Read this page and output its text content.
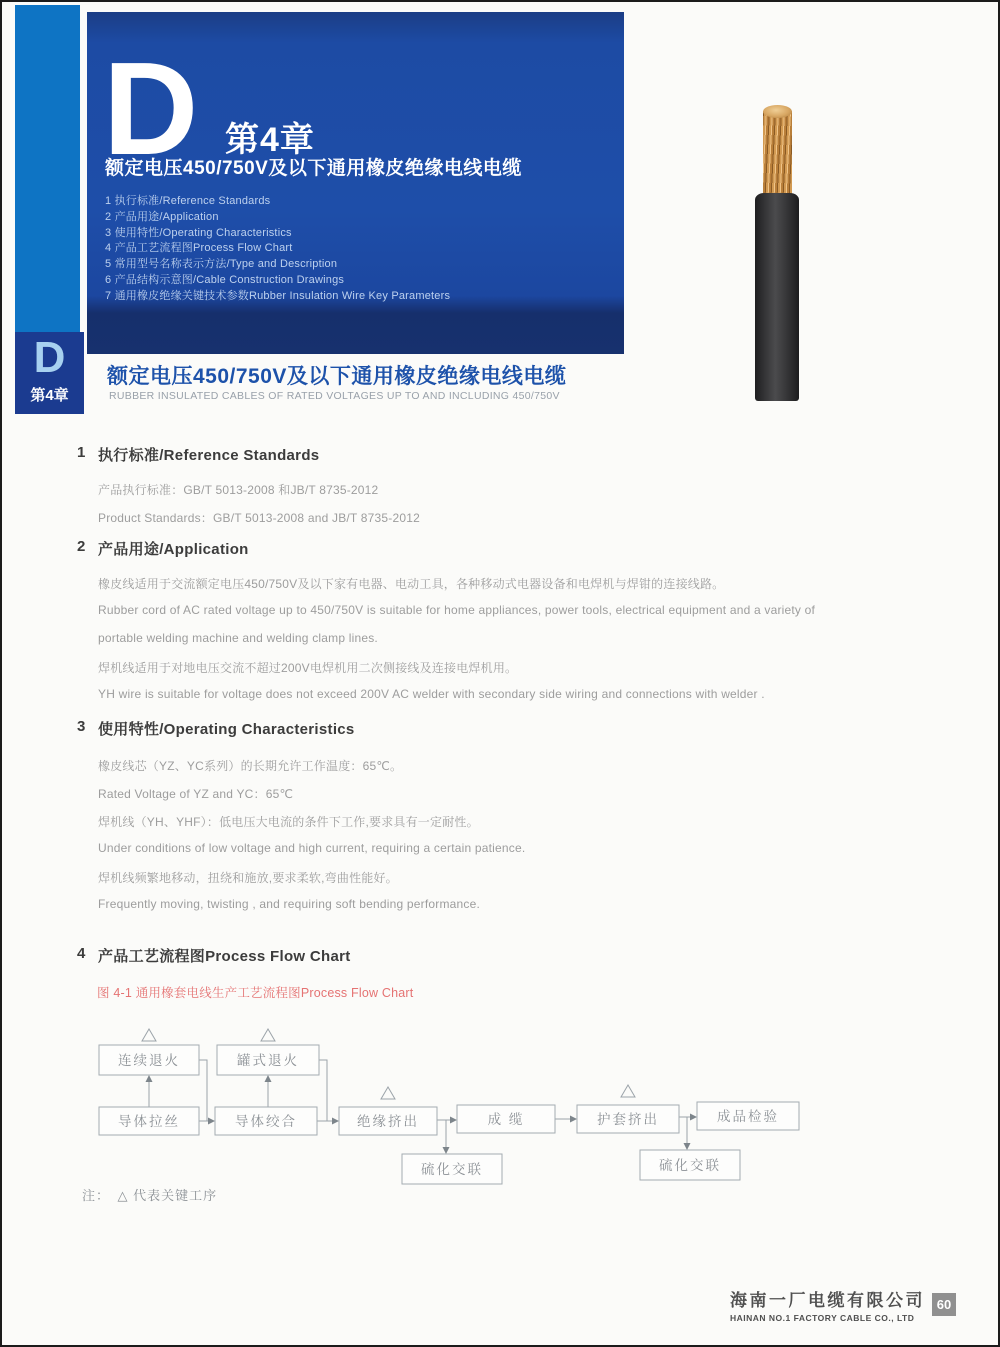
D 第4章
额定电压450/750V及以下通用橡皮绝缘电线电缆
1 执行标准/Reference Standards
2 产品用途/Application
3 使用特性/Operating Characteristics
4 产品工艺流程图Process Flow Chart
5 常用型号名称表示方法/Type and Description
6 产品结构示意图/Cable Construction Drawings
7 通用橡皮绝缘关键技术参数Rubber Insulation Wire Key Parameters
D
第4章
额定电压450/750V及以下通用橡皮绝缘电线电缆
RUBBER INSULATED CABLES OF RATED VOLTAGES UP TO AND INCLUDING 450/750V
1 执行标准/Reference Standards
产品执行标准：GB/T 5013-2008 和JB/T 8735-2012
Product Standards：GB/T 5013-2008 and JB/T 8735-2012
2 产品用途/Application
橡皮线适用于交流额定电压450/750V及以下家有电器、电动工具，各种移动式电器设备和电焊机与焊钳的连接线路。
Rubber cord of AC rated voltage up to 450/750V is suitable for home appliances, power tools, electrical equipment and a variety of
portable welding machine and welding clamp lines.
焊机线适用于对地电压交流不超过200V电焊机用二次侧接线及连接电焊机用。
YH wire is suitable for voltage does not exceed 200V AC welder with secondary side wiring and connections with welder .
3 使用特性/Operating Characteristics
橡皮线芯（YZ、YC系列）的长期允许工作温度：65℃。
Rated Voltage of YZ and YC：65℃
焊机线（YH、YHF）：低电压大电流的条件下工作,要求具有一定耐性。
Under conditions of low voltage and high current, requiring a certain patience.
焊机线频繁地移动，扭绕和施放,要求柔软,弯曲性能好。
Frequently moving, twisting , and requiring soft bending performance.
4 产品工艺流程图Process Flow Chart
图 4-1 通用橡套电线生产工艺流程图Process Flow Chart
连续退火	罐式退火
导体拉丝	导体绞合	绝缘挤出	成 缆
硫化交联
护套挤出
硫化交联
成品检验
注：　△ 代表关键工序
海南一厂电缆有限公司
HAINAN NO.1 FACTORY CABLE CO., LTD
60
